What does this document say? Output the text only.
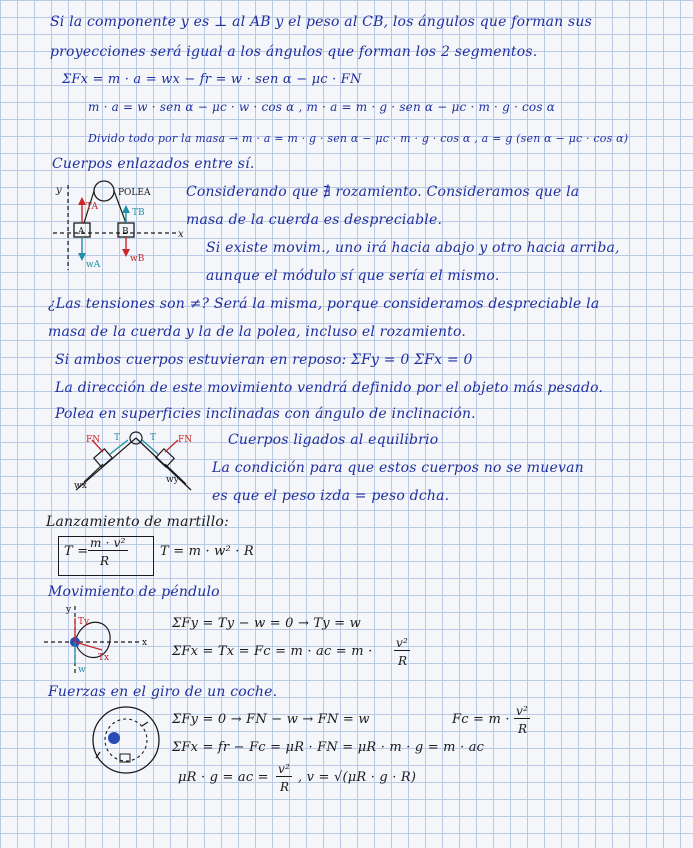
Si la componente y es ⊥ al AB y el peso al CB, los ángulos que forman sus
proyecciones será igual a los ángulos que forman los 2 segmentos.
ΣFx = m · a = wx − fr = w · sen α − μc · FN
m · a = w · sen α − μc · w · cos α , m · a = m · g · sen α − μc · m · g · cos α
Divido todo por la masa → m · a = m · g · sen α − μc · m · g · cos α , a = g (sen α − μc · cos α)
Cuerpos enlazados entre sí.
y
x
POLEA
A	B
TA
TB
wA
wB
Considerando que ∄ rozamiento. Consideramos que la
masa de la cuerda es despreciable.
Si existe movim., uno irá hacia abajo y otro hacia arriba,
aunque el módulo sí que sería el mismo.
¿Las tensiones son ≠? Será la misma, porque consideramos despreciable la
masa de la cuerda y la de la polea, incluso el rozamiento.
Si ambos cuerpos estuvieran en reposo: ΣFy = 0 ΣFx = 0
La dirección de este movimiento vendrá definido por el objeto más pesado.
Polea en superficies inclinadas con ángulo de inclinación.
FN	FN
T	T
wx
wy
Cuerpos ligados al equilibrio
La condición para que estos cuerpos no se muevan
es que el peso izda = peso dcha.
Lanzamiento de martillo:
T =
m · v²
R
T = m · w² · R
Movimiento de péndulo
y
x
Ty
Tx
w
ΣFy = Ty − w = 0 → Ty = w
ΣFx = Tx = Fc = m · ac = m ·
v²
R
Fuerzas en el giro de un coche.
ΣFy = 0 → FN − w → FN = w	Fc = m ·
v²
R
ΣFx = fr − Fc = μR · FN = μR · m · g = m · ac
μR · g = ac =
v²
R
, v = √(μR · g · R)
